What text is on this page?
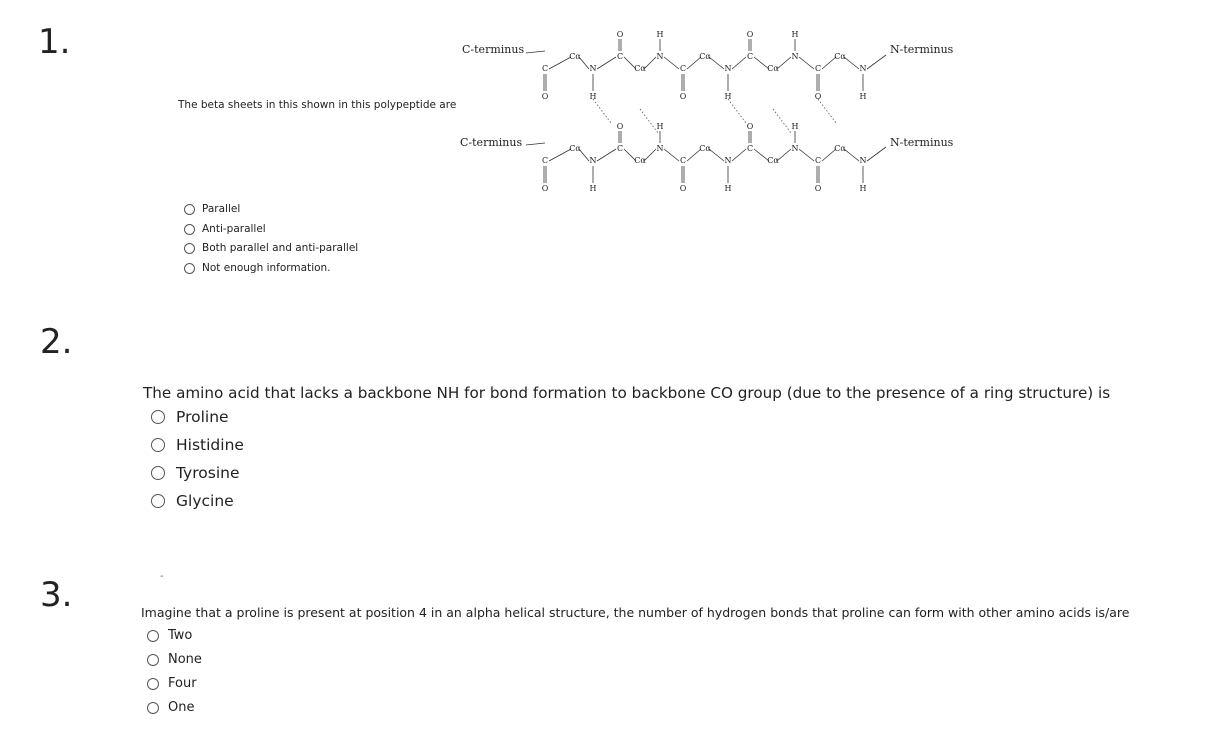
1.
The beta sheets in this shown in this polypeptide are
C-terminus	N-terminus
C-terminus	N-terminus
C
O
Cα
N
H
C
O
Cα
N
H
C
O
Cα
N
H
C
O
Cα
N
H
C
O
Cα
N
H
C
O
Cα
N
H
C
O
Cα
N
H
C
O
Cα
N
H
C
O
Cα
N
H
C
O
Cα
N
H
Parallel
Anti-parallel
Both parallel and anti-parallel
Not enough information.
2.
The amino acid that lacks a backbone NH for bond formation to backbone CO group (due to the presence of a ring structure) is
Proline
Histidine
Tyrosine
Glycine
3.	-
Imagine that a proline is present at position 4 in an alpha helical structure, the number of hydrogen bonds that proline can form with other amino acids is/are
Two
None
Four
One
